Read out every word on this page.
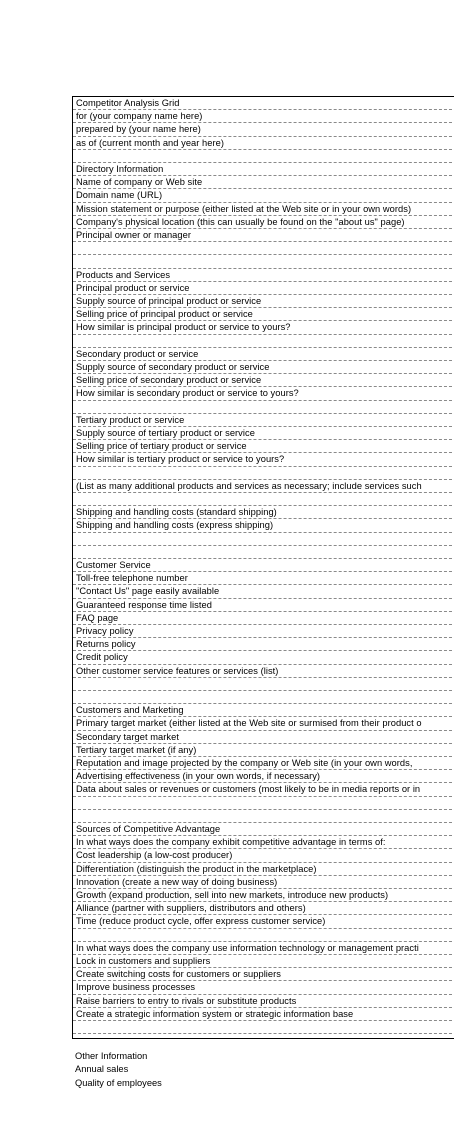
Competitor Analysis Grid
for (your company name here)
prepared by (your name here)
as of (current month and year here)
Directory Information
Name of company or Web site
Domain name (URL)
Mission statement or purpose (either listed at the Web site or in your own words)
Company's physical location (this can usually be found on the "about us" page)
Principal owner or manager
Products and Services
Principal product or service
Supply source of principal product or service
Selling price of principal product or service
How similar is principal product or service to yours?
Secondary product or service
Supply source of secondary product or service
Selling price of secondary product or service
How similar is secondary product or service to yours?
Tertiary product or service
Supply source of tertiary product or service
Selling price of tertiary product or service
How similar is tertiary product or service to yours?
(List as many additional products and services as necessary; include services such
Shipping and handling costs (standard shipping)
Shipping and handling costs (express shipping)
Customer Service
Toll-free telephone number
"Contact Us" page easily available
Guaranteed response time listed
FAQ page
Privacy policy
Returns policy
Credit policy
Other customer service features or services (list)
Customers and Marketing
Primary target market (either listed at the Web site or surmised from their product o
Secondary target market
Tertiary target market (if any)
Reputation and image projected by the company or Web site (in your own words,
Advertising effectiveness (in your own words, if necessary)
Data about sales or revenues or customers (most likely to be in media reports or in
Sources of Competitive Advantage
In what ways does the company exhibit competitive advantage in terms of:
Cost leadership (a low-cost producer)
Differentiation (distinguish the product in the marketplace)
Innovation (create a new way of doing business)
Growth (expand production, sell into new markets, introduce new products)
Alliance (partner with suppliers, distributors and others)
Time (reduce product cycle, offer express customer service)
In what ways does the company use information technology or management practi
Lock in customers and suppliers
Create switching costs for customers or suppliers
Improve business processes
Raise barriers to entry to rivals or substitute products
Create a strategic information system or strategic information base
Other Information
Annual sales
Quality of employees
